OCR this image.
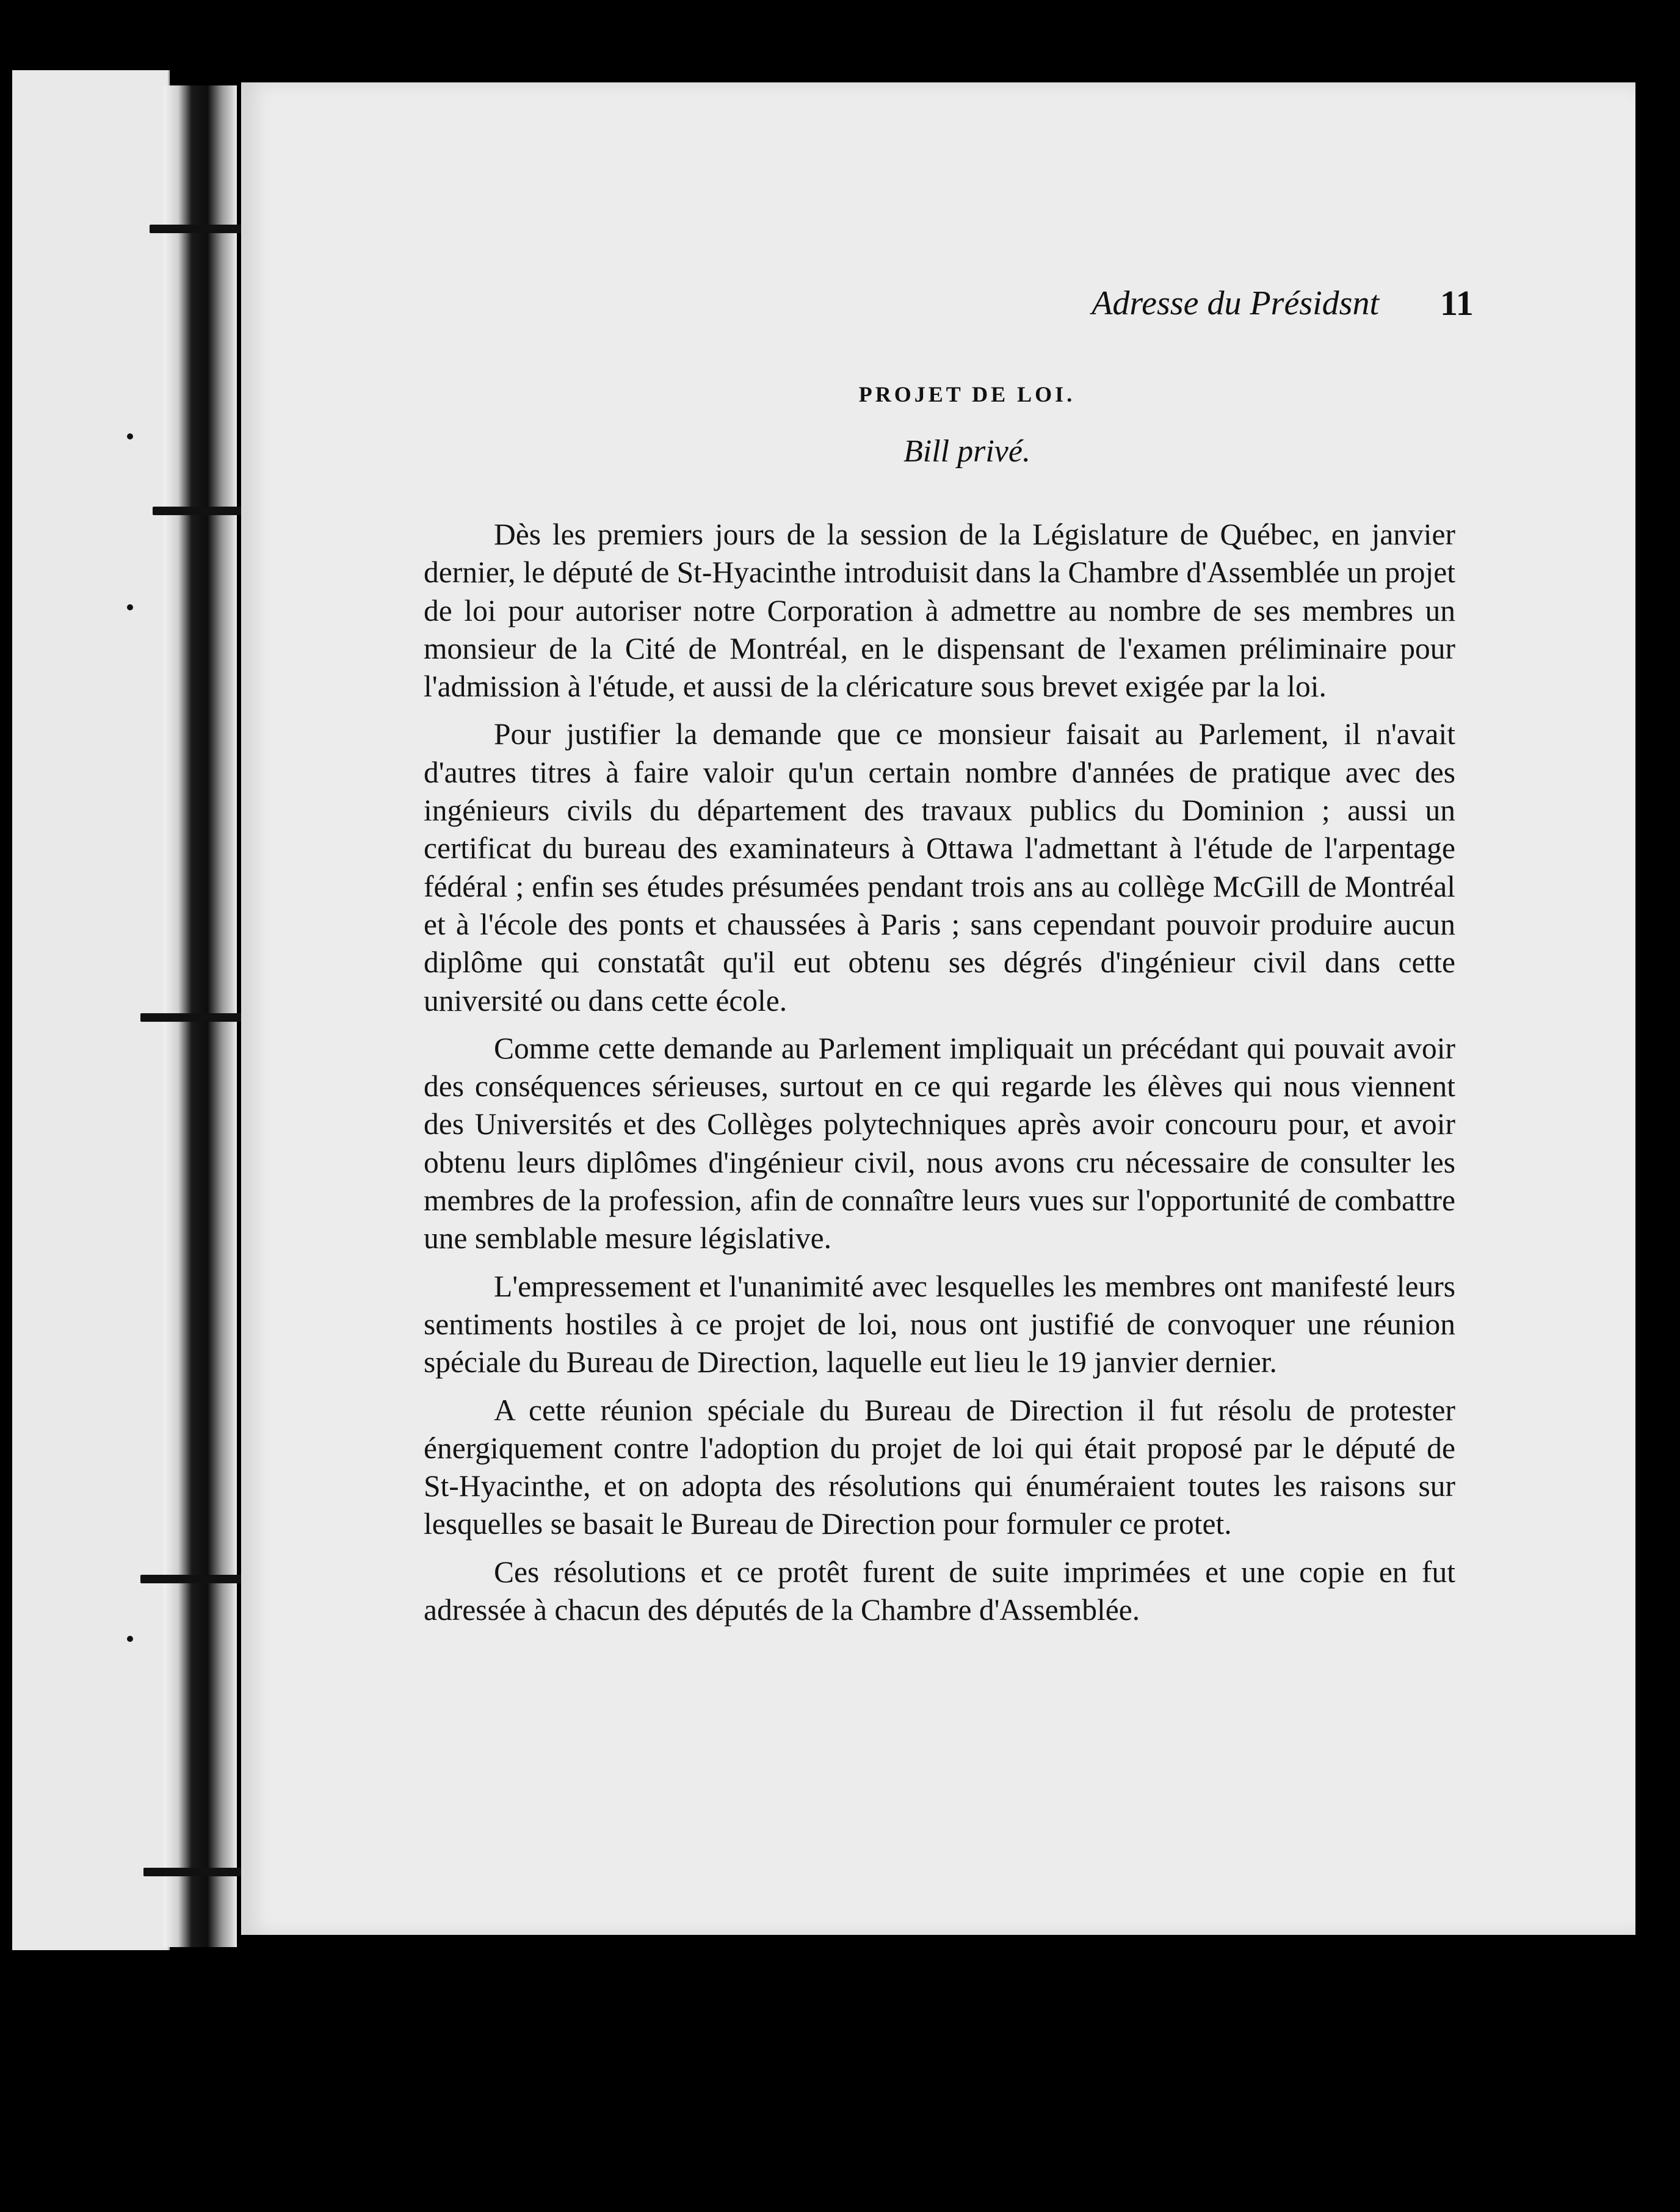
Adresse du Présidsnt 11
PROJET DE LOI.
Bill privé.

Dès les premiers jours de la session de la Législature de Québec, en janvier dernier, le député de St-Hyacinthe introduisit dans la Chambre d'Assemblée un projet de loi pour autoriser notre Corporation à admettre au nombre de ses membres un monsieur de la Cité de Montréal, en le dispensant de l'examen préliminaire pour l'admission à l'étude, et aussi de la cléricature sous brevet exigée par la loi.

Pour justifier la demande que ce monsieur faisait au Parlement, il n'avait d'autres titres à faire valoir qu'un certain nombre d'années de pratique avec des ingénieurs civils du département des travaux publics du Dominion ; aussi un certificat du bureau des examinateurs à Ottawa l'admettant à l'étude de l'arpentage fédéral ; enfin ses études présumées pendant trois ans au collège McGill de Montréal et à l'école des ponts et chaussées à Paris ; sans cependant pouvoir produire aucun diplôme qui constatât qu'il eut obtenu ses dégrés d'ingénieur civil dans cette université ou dans cette école.

Comme cette demande au Parlement impliquait un précédant qui pouvait avoir des conséquences sérieuses, surtout en ce qui regarde les élèves qui nous viennent des Universités et des Collèges polytechniques après avoir concouru pour, et avoir obtenu leurs diplômes d'ingénieur civil, nous avons cru nécessaire de consulter les membres de la profession, afin de connaître leurs vues sur l'opportunité de combattre une semblable mesure législative.

L'empressement et l'unanimité avec lesquelles les membres ont manifesté leurs sentiments hostiles à ce projet de loi, nous ont justifié de convoquer une réunion spéciale du Bureau de Direction, laquelle eut lieu le 19 janvier dernier.

A cette réunion spéciale du Bureau de Direction il fut résolu de protester énergiquement contre l'adoption du projet de loi qui était proposé par le député de St-Hyacinthe, et on adopta des résolutions qui énuméraient toutes les raisons sur lesquelles se basait le Bureau de Direction pour formuler ce protet.

Ces résolutions et ce protêt furent de suite imprimées et une copie en fut adressée à chacun des députés de la Chambre d'Assemblée.
